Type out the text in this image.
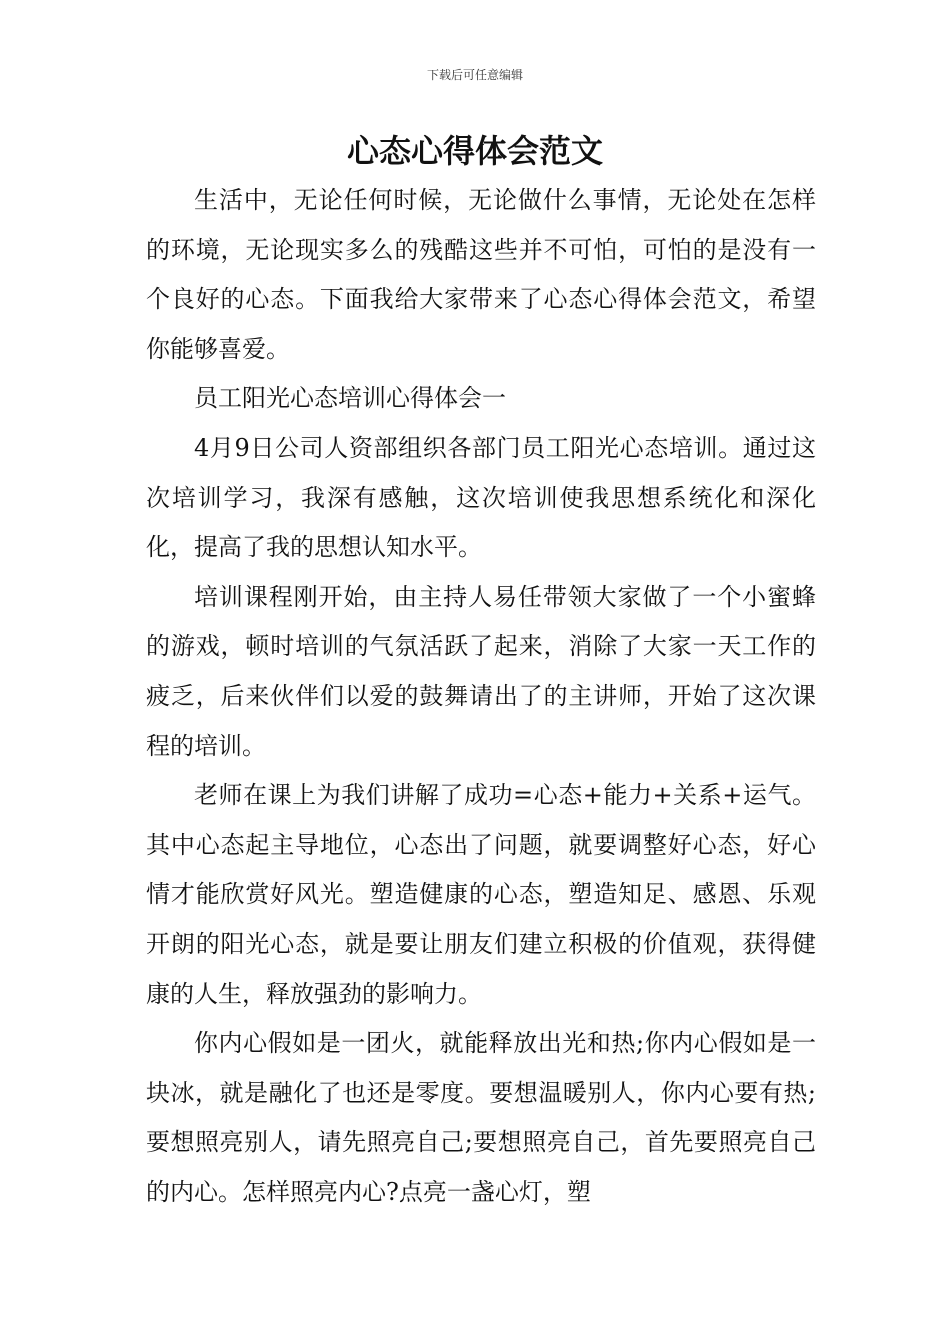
下载后可任意编辑
心态心得体会范文

生活中，无论任何时候，无论做什么事情，无论处在怎样的环境，无论现实多么的残酷这些并不可怕，可怕的是没有一个良好的心态。下面我给大家带来了心态心得体会范文，希望你能够喜爱。

员工阳光心态培训心得体会一

4月9日公司人资部组织各部门员工阳光心态培训。通过这次培训学习，我深有感触，这次培训使我思想系统化和深化化，提高了我的思想认知水平。

培训课程刚开始，由主持人易任带领大家做了一个小蜜蜂的游戏，顿时培训的气氛活跃了起来，消除了大家一天工作的疲乏，后来伙伴们以爱的鼓舞请出了的主讲师，开始了这次课程的培训。

老师在课上为我们讲解了成功=心态+能力+关系+运气。其中心态起主导地位，心态出了问题，就要调整好心态，好心情才能欣赏好风光。塑造健康的心态，塑造知足、感恩、乐观开朗的阳光心态，就是要让朋友们建立积极的价值观，获得健康的人生，释放强劲的影响力。

你内心假如是一团火，就能释放出光和热;你内心假如是一块冰，就是融化了也还是零度。要想温暖别人，你内心要有热;要想照亮别人，请先照亮自己;要想照亮自己，首先要照亮自己的内心。怎样照亮内心?点亮一盏心灯，塑
